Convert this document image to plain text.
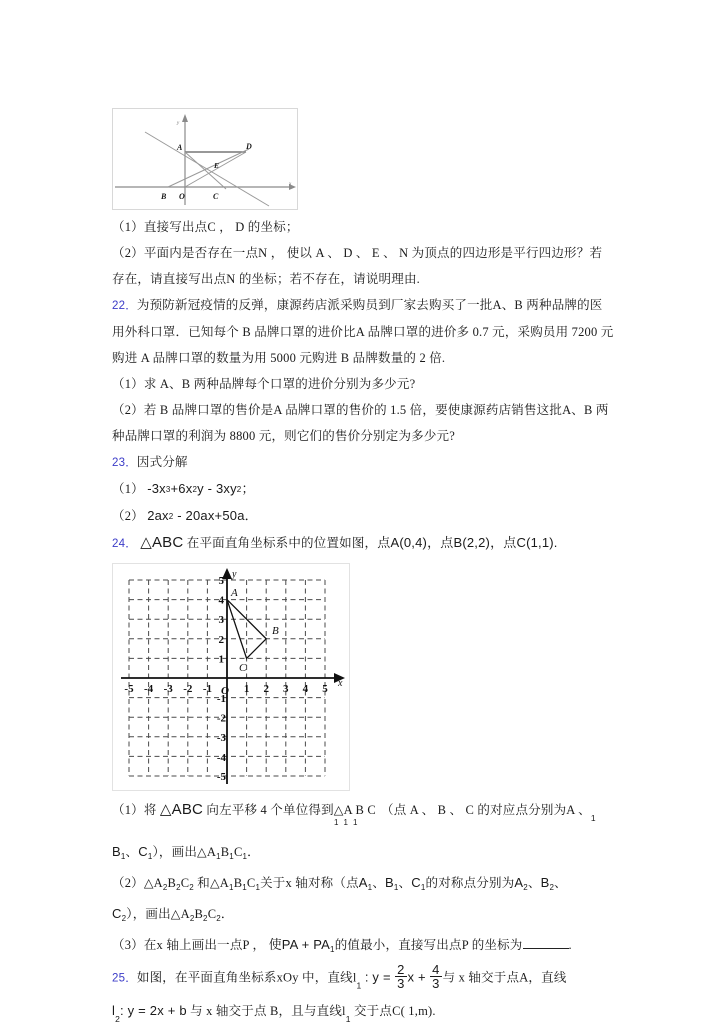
x
y
A	D
E
B O	C
（1）直接写出点C ， D 的坐标；
（2）平面内是否存在一点N ， 使以 A 、 D 、 E 、 N 为顶点的四边形是平行四边形？若
存在，请直接写出点N 的坐标；若不存在，请说明理由.
22．为预防新冠疫情的反弹，康源药店派采购员到厂家去购买了一批A、B 两种品牌的医
用外科口罩．已知每个 B 品牌口罩的进价比A 品牌口罩的进价多 0.7 元，采购员用 7200 元
购进 A 品牌口罩的数量为用 5000 元购进 B 品牌数量的 2 倍.
（1）求 A、B 两种品牌每个口罩的进价分别为多少元?
（2）若 B 品牌口罩的售价是A 品牌口罩的售价的 1.5 倍，要使康源药店销售这批A、B 两
种品牌口罩的利润为 8800 元，则它们的售价分别定为多少元?
23．因式分解
（1） $-3x^3+6x^2y - 3xy^2$；
（2） $2ax^2 - 20ax+50a$．
24． △ABC 在平面直角坐标系中的位置如图，点A(0,4)，点B(2,2)，点C(1,1).
x
y
-5 -4 -3 -2 -1	1 2 3 4 5
O
5
4
3
2
1
-1
-2
-3
-4
-5
A
B
C
（1）将 △ABC 向左平移 4 个单位得到△A B C （点 A 、 B 、 C 的对应点分别为A 、$_1$
1  1  1
$B_1$、$C_1$），画出$\triangle A_1B_1C_1$．
$(2)\triangle A_2B_2C_2$ 和$\triangle A_1B_1C_1$关于x 轴对称（点$A_1$、$B_1$、$C_1$的对称点分别为$A_2$、$B_2$、
$C_2$），画出$\triangle A_2B_2C_2$．
（3）在x 轴上画出一点P ， 使PA + $PA_1$的值最小，直接写出点P 的坐标为	.
25．如图，在平面直角坐标系xOy 中，直线$l_1$ : $y = \frac{2}{3}$ $x + \frac{4}{3}$ 与 x 轴交于点A，直线
$l_2$: y = 2x + b 与 x 轴交于点 B，且与直线$l_1$ 交于点C( 1,m).
